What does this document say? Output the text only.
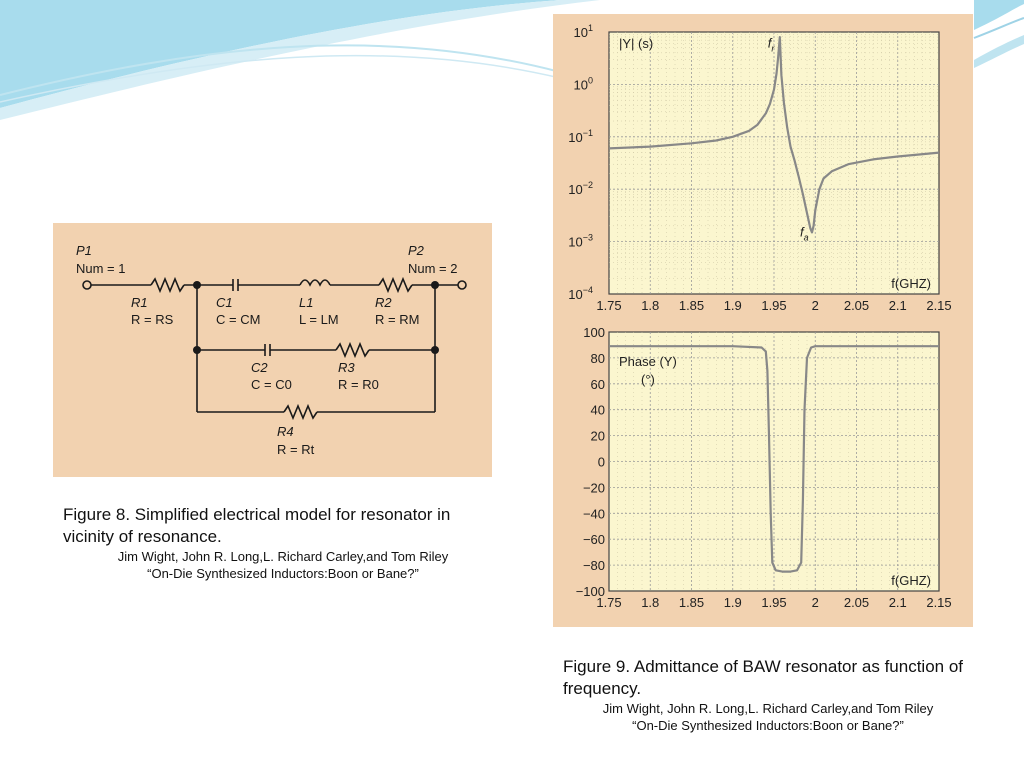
P1
Num = 1
P2
Num = 2
R1
R = RS
C1
C = CM
L1
L = LM
R2
R = RM
C2
C = C0
R3
R = R0
R4
R = Rt
Figure 8. Simplified electrical model for resonator in vicinity of resonance.
Jim Wight, John R. Long,L. Richard Carley,and Tom Riley
“On-Die Synthesized Inductors:Boon or Bane?”
1.75 1.8 1.85 1.9 1.95 2 2.05 2.1 2.15
$10^1$
$10^0$
$10^{-1}$
$10^{-2}$
$10^{-3}$
$10^{-4}$
|Y| (s)
f(GHZ)
$f_r$
$f_a$
1.75 1.8 1.85 1.9 1.95 2 2.05 2.1 2.15
100
80
60
40
20
0
−20
−40
−60
−80
−100
Phase (Y)
(°)
f(GHZ)
Figure 9. Admittance of BAW resonator as function of frequency.
Jim Wight, John R. Long,L. Richard Carley,and Tom Riley
“On-Die Synthesized Inductors:Boon or Bane?”
